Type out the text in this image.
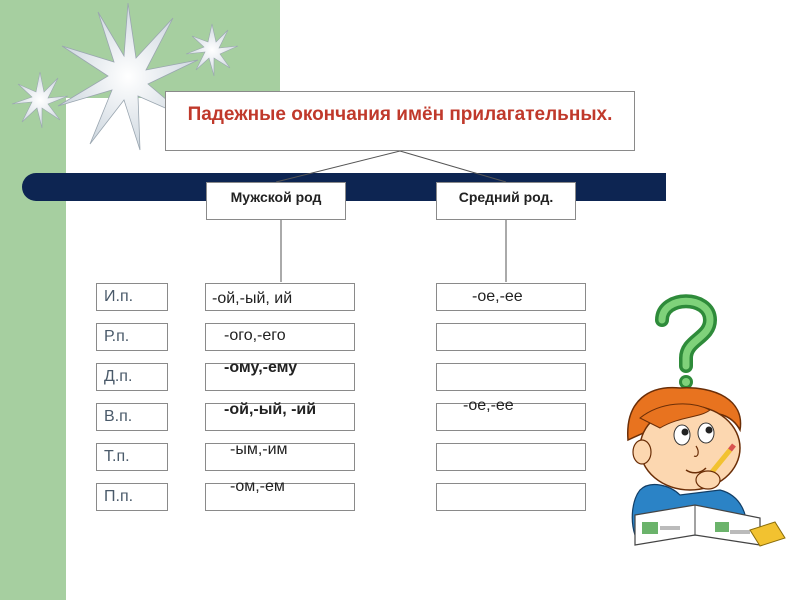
Падежные окончания имён прилагательных.
Мужской род	Средний род.
И.п.
Р.п.
Д.п.
В.п.
Т.п.
П.п.
-ой,-ый, ий
-ого,-его
-ому,-ему
-ой,-ый, -ий
-ым,-им
-ом,-ем
-ое,-ее
-ое,-ее
